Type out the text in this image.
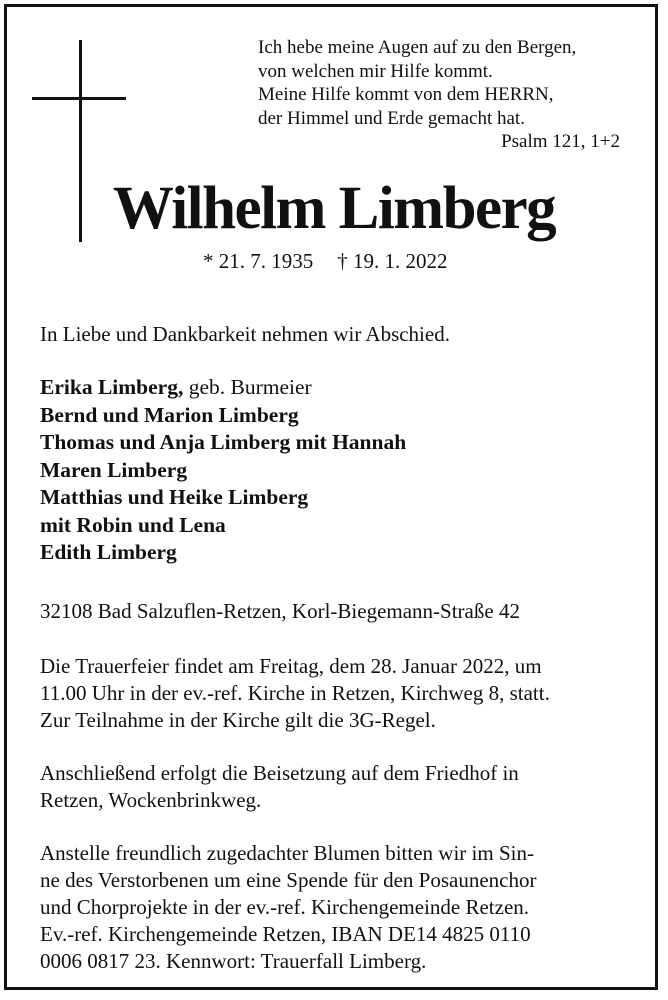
Ich hebe meine Augen auf zu den Bergen,
von welchen mir Hilfe kommt.
Meine Hilfe kommt von dem HERRN,
der Himmel und Erde gemacht hat.
Psalm 121, 1+2
Wilhelm Limberg
* 21. 7. 1935 † 19. 1. 2022
In Liebe und Dankbarkeit nehmen wir Abschied.
Erika Limberg, geb. Burmeier
Bernd und Marion Limberg
Thomas und Anja Limberg mit Hannah
Maren Limberg
Matthias und Heike Limberg
mit Robin und Lena
Edith Limberg
32108 Bad Salzuflen-Retzen, Korl-Biegemann-Straße 42
Die Trauerfeier findet am Freitag, dem 28. Januar 2022, um
11.00 Uhr in der ev.-ref. Kirche in Retzen, Kirchweg 8, statt.
Zur Teilnahme in der Kirche gilt die 3G-Regel.
Anschließend erfolgt die Beisetzung auf dem Friedhof in
Retzen, Wockenbrinkweg.
Anstelle freundlich zugedachter Blumen bitten wir im Sin-
ne des Verstorbenen um eine Spende für den Posaunenchor
und Chorprojekte in der ev.-ref. Kirchengemeinde Retzen.
Ev.-ref. Kirchengemeinde Retzen, IBAN DE14 4825 0110
0006 0817 23. Kennwort: Trauerfall Limberg.
